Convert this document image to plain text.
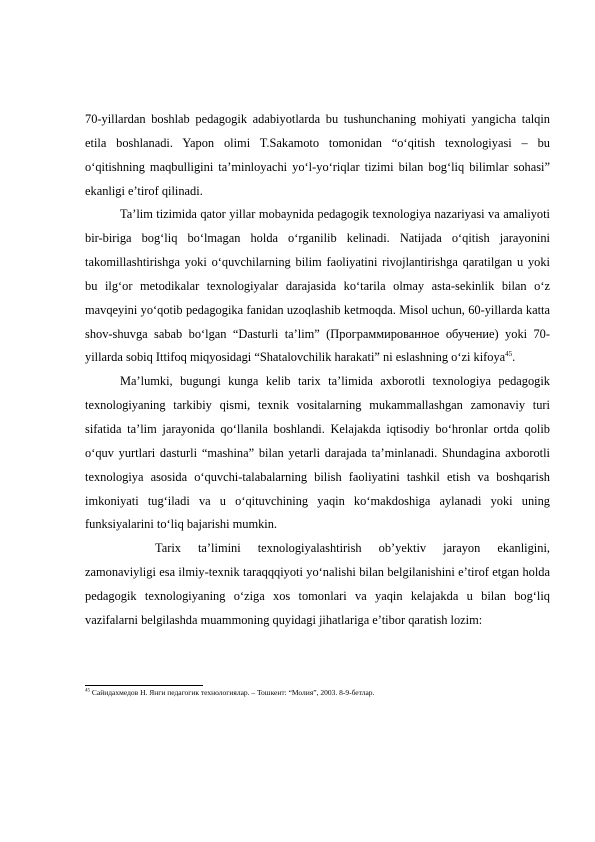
70-yillardan boshlab pedagogik adabiyotlarda bu tushunchaning mohiyati yangicha talqin etila boshlanadi. Yapon olimi T.Sakamoto tomonidan “o‘qitish texnologiyasi – bu o‘qitishning maqbulligini ta’minloyachi yo‘l-yo‘riqlar tizimi bilan bog‘liq bilimlar sohasi” ekanligi e’tirof qilinadi.

Ta’lim tizimida qator yillar mobaynida pedagogik texnologiya nazariyasi va amaliyoti bir-biriga bog‘liq bo‘lmagan holda o‘rganilib kelinadi. Natijada o‘qitish jarayonini takomillashtirishga yoki o‘quvchilarning bilim faoliyatini rivojlantirishga qaratilgan u yoki bu ilg‘or metodikalar texnologiyalar darajasida ko‘tarila olmay asta-sekinlik bilan o‘z mavqeyini yo‘qotib pedagogika fanidan uzoqlashib ketmoqda. Misol uchun, 60-yillarda katta shov-shuvga sabab bo‘lgan “Dasturli ta’lim” (Программированное обучение) yoki 70-yillarda sobiq Ittifoq miqyosidagi “Shatalovchilik harakati” ni eslashning o‘zi kifoya$^{45}$.

Ma’lumki, bugungi kunga kelib tarix ta’limida axborotli texnologiya pedagogik texnologiyaning tarkibiy qismi, texnik vositalarning mukammallashgan zamonaviy turi sifatida ta’lim jarayonida qo‘llanila boshlandi. Kelajakda iqtisodiy bo‘hronlar ortda qolib o‘quv yurtlari dasturli “mashina” bilan yetarli darajada ta’minlanadi. Shundagina axborotli texnologiya asosida o‘quvchi-talabalarning bilish faoliyatini tashkil etish va boshqarish imkoniyati tug‘iladi va u o‘qituvchining yaqin ko‘makdoshiga aylanadi yoki uning funksiyalarini to‘liq bajarishi mumkin.

Tarix ta’limini texnologiyalashtirish ob’yektiv jarayon ekanligini, zamonaviyligi esa ilmiy-texnik taraqqqiyoti yo‘nalishi bilan belgilanishini e’tirof etgan holda pedagogik texnologiyaning o‘ziga xos tomonlari va yaqin kelajakda u bilan bog‘liq vazifalarni belgilashda muammoning quyidagi jihatlariga e’tibor qaratish lozim:

$^{45}$ Сайидахмедов Н. Янги педагогик технологиялар. – Тошкент: “Молия”, 2003. 8-9-бетлар.
